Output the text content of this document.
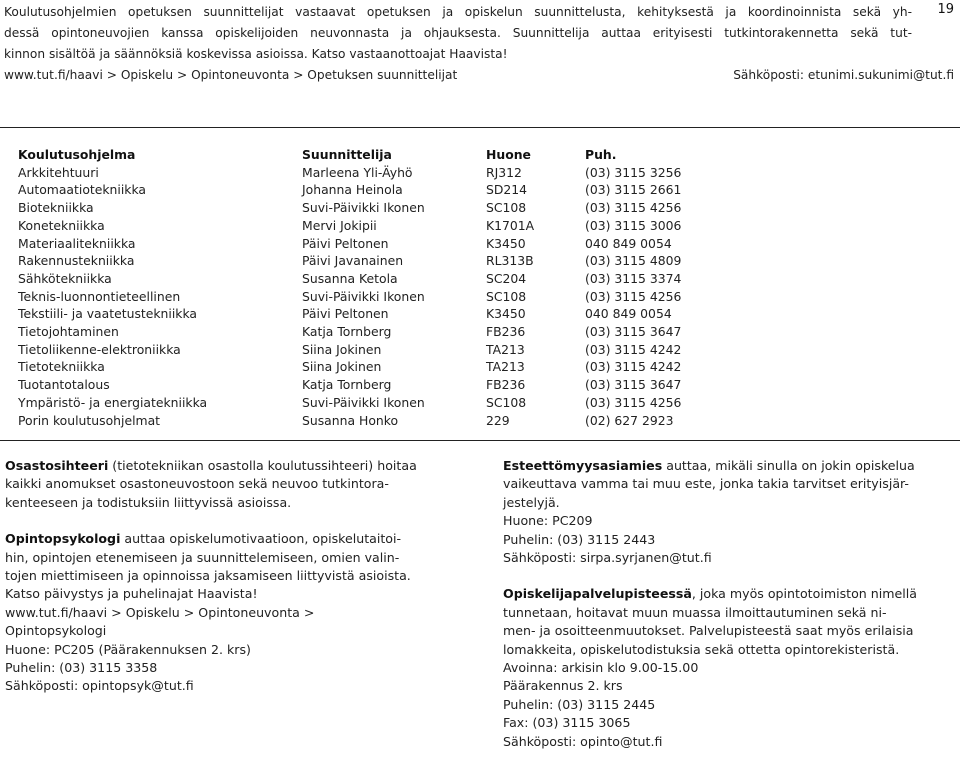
19
Koulutusohjelmien opetuksen suunnittelijat vastaavat opetuksen ja opiskelun suunnittelusta, kehityksestä ja koordinoinnista sekä yh-
dessä opintoneuvojien kanssa opiskelijoiden neuvonnasta ja ohjauksesta. Suunnittelija auttaa erityisesti tutkintorakennetta sekä tut-
kinnon sisältöä ja säännöksiä koskevissa asioissa. Katso vastaanottoajat Haavista!
www.tut.fi/haavi > Opiskelu > Opintoneuvonta > Opetuksen suunnittelijat	Sähköposti: etunimi.sukunimi@tut.fi
Koulutusohjelma	Suunnittelija	Huone	Puh.
Arkkitehtuuri	Marleena Yli-Äyhö	RJ312	(03) 3115 3256
Automaatiotekniikka	Johanna Heinola	SD214	(03) 3115 2661
Biotekniikka	Suvi-Päivikki Ikonen	SC108	(03) 3115 4256
Konetekniikka	Mervi Jokipii	K1701A	(03) 3115 3006
Materiaalitekniikka	Päivi Peltonen	K3450	040 849 0054
Rakennustekniikka	Päivi Javanainen	RL313B	(03) 3115 4809
Sähkötekniikka	Susanna Ketola	SC204	(03) 3115 3374
Teknis-luonnontieteellinen	Suvi-Päivikki Ikonen	SC108	(03) 3115 4256
Tekstiili- ja vaatetustekniikka	Päivi Peltonen	K3450	040 849 0054
Tietojohtaminen	Katja Tornberg	FB236	(03) 3115 3647
Tietoliikenne-elektroniikka	Siina Jokinen	TA213	(03) 3115 4242
Tietotekniikka	Siina Jokinen	TA213	(03) 3115 4242
Tuotantotalous	Katja Tornberg	FB236	(03) 3115 3647
Ympäristö- ja energiatekniikka	Suvi-Päivikki Ikonen	SC108	(03) 3115 4256
Porin koulutusohjelmat	Susanna Honko	229	(02) 627 2923

Osastosihteeri (tietotekniikan osastolla koulutussihteeri) hoitaa
kaikki anomukset osastoneuvostoon sekä neuvoo tutkintora-
kenteeseen ja todistuksiin liittyvissä asioissa.

Opintopsykologi auttaa opiskelumotivaatioon, opiskelutaitoi-
hin, opintojen etenemiseen ja suunnittelemiseen, omien valin-
tojen miettimiseen ja opinnoissa jaksamiseen liittyvistä asioista.
Katso päivystys ja puhelinajat Haavista!
www.tut.fi/haavi > Opiskelu > Opintoneuvonta >
Opintopsykologi
Huone: PC205 (Päärakennuksen 2. krs)
Puhelin: (03) 3115 3358
Sähköposti: opintopsyk@tut.fi

Esteettömyysasiamies auttaa, mikäli sinulla on jokin opiskelua
vaikeuttava vamma tai muu este, jonka takia tarvitset erityisjär-
jestelyjä.
Huone: PC209
Puhelin: (03) 3115 2443
Sähköposti: sirpa.syrjanen@tut.fi

Opiskelijapalvelupisteessä, joka myös opintotoimiston nimellä
tunnetaan, hoitavat muun muassa ilmoittautuminen sekä ni-
men- ja osoitteenmuutokset. Palvelupisteestä saat myös erilaisia
lomakkeita, opiskelutodistuksia sekä ottetta opintorekisteristä.
Avoinna: arkisin klo 9.00-15.00
Päärakennus 2. krs
Puhelin: (03) 3115 2445
Fax: (03) 3115 3065
Sähköposti: opinto@tut.fi
